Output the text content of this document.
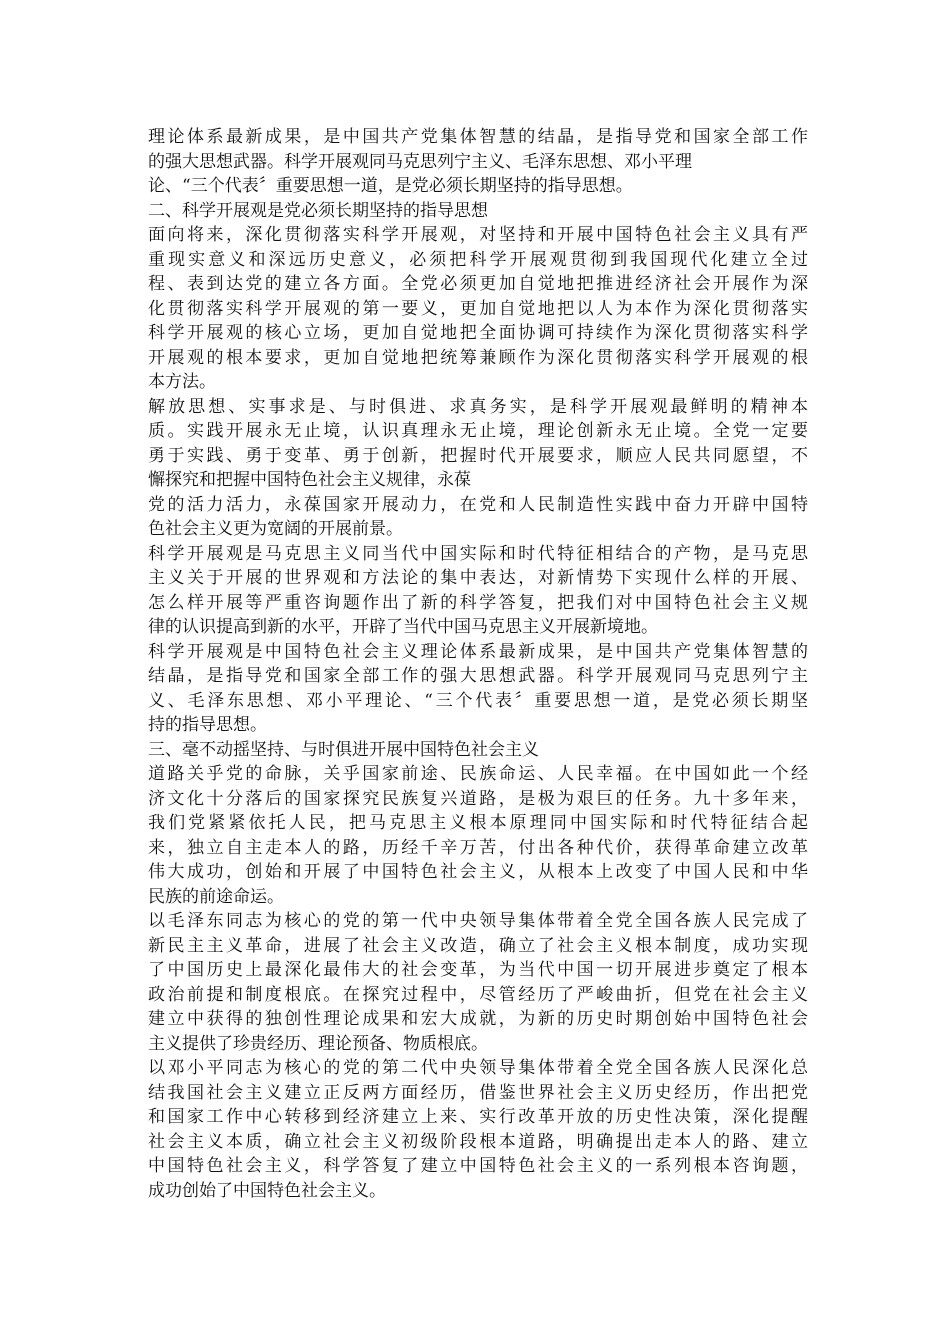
理论体系最新成果，是中国共产党集体智慧的结晶，是指导党和国家全部工作
的强大思想武器。科学开展观同马克思列宁主义、毛泽东思想、邓小平理
论、“三个代表〞重要思想一道，是党必须长期坚持的指导思想。
二、科学开展观是党必须长期坚持的指导思想
面向将来，深化贯彻落实科学开展观，对坚持和开展中国特色社会主义具有严
重现实意义和深远历史意义，必须把科学开展观贯彻到我国现代化建立全过
程、表到达党的建立各方面。全党必须更加自觉地把推进经济社会开展作为深
化贯彻落实科学开展观的第一要义，更加自觉地把以人为本作为深化贯彻落实
科学开展观的核心立场，更加自觉地把全面协调可持续作为深化贯彻落实科学
开展观的根本要求，更加自觉地把统筹兼顾作为深化贯彻落实科学开展观的根
本方法。
解放思想、实事求是、与时俱进、求真务实，是科学开展观最鲜明的精神本
质。实践开展永无止境，认识真理永无止境，理论创新永无止境。全党一定要
勇于实践、勇于变革、勇于创新，把握时代开展要求，顺应人民共同愿望，不
懈探究和把握中国特色社会主义规律，永葆
党的活力活力，永葆国家开展动力，在党和人民制造性实践中奋力开辟中国特
色社会主义更为宽阔的开展前景。
科学开展观是马克思主义同当代中国实际和时代特征相结合的产物，是马克思
主义关于开展的世界观和方法论的集中表达，对新情势下实现什么样的开展、
怎么样开展等严重咨询题作出了新的科学答复，把我们对中国特色社会主义规
律的认识提高到新的水平，开辟了当代中国马克思主义开展新境地。
科学开展观是中国特色社会主义理论体系最新成果，是中国共产党集体智慧的
结晶，是指导党和国家全部工作的强大思想武器。科学开展观同马克思列宁主
义、毛泽东思想、邓小平理论、“三个代表〞重要思想一道，是党必须长期坚
持的指导思想。
三、毫不动摇坚持、与时俱进开展中国特色社会主义
道路关乎党的命脉，关乎国家前途、民族命运、人民幸福。在中国如此一个经
济文化十分落后的国家探究民族复兴道路，是极为艰巨的任务。九十多年来，
我们党紧紧依托人民，把马克思主义根本原理同中国实际和时代特征结合起
来，独立自主走本人的路，历经千辛万苦，付出各种代价，获得革命建立改革
伟大成功，创始和开展了中国特色社会主义，从根本上改变了中国人民和中华
民族的前途命运。
以毛泽东同志为核心的党的第一代中央领导集体带着全党全国各族人民完成了
新民主主义革命，进展了社会主义改造，确立了社会主义根本制度，成功实现
了中国历史上最深化最伟大的社会变革，为当代中国一切开展进步奠定了根本
政治前提和制度根底。在探究过程中，尽管经历了严峻曲折，但党在社会主义
建立中获得的独创性理论成果和宏大成就，为新的历史时期创始中国特色社会
主义提供了珍贵经历、理论预备、物质根底。
以邓小平同志为核心的党的第二代中央领导集体带着全党全国各族人民深化总
结我国社会主义建立正反两方面经历，借鉴世界社会主义历史经历，作出把党
和国家工作中心转移到经济建立上来、实行改革开放的历史性决策，深化提醒
社会主义本质，确立社会主义初级阶段根本道路，明确提出走本人的路、建立
中国特色社会主义，科学答复了建立中国特色社会主义的一系列根本咨询题，
成功创始了中国特色社会主义。
